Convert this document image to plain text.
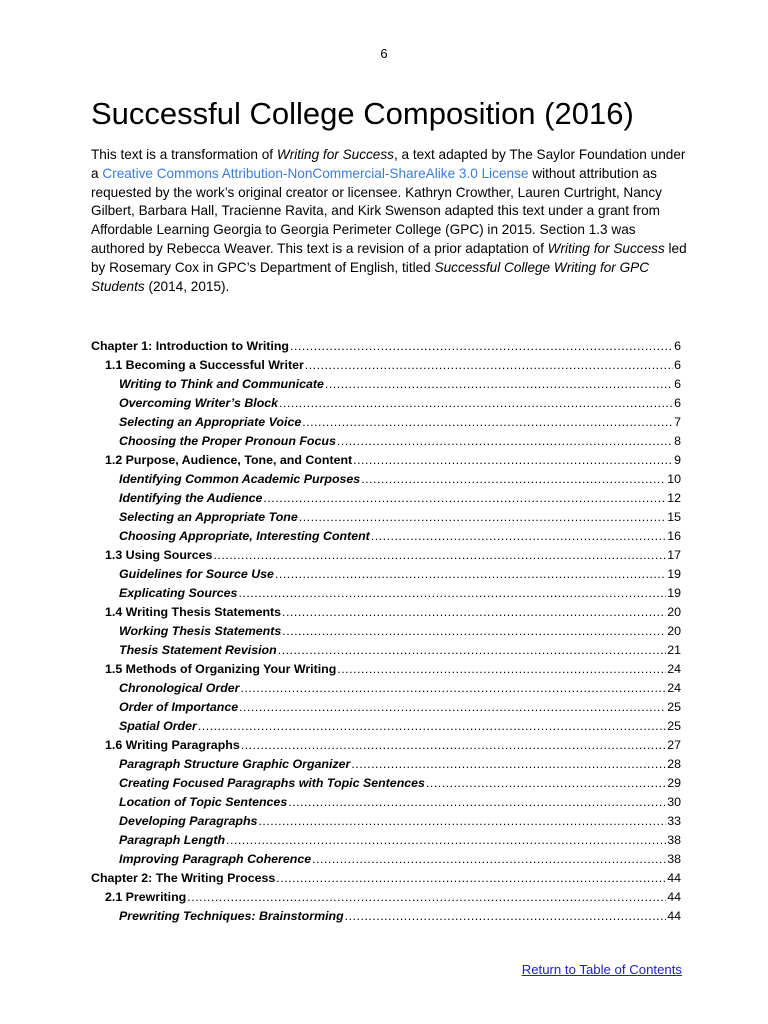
6
Successful College Composition (2016)

This text is a transformation of Writing for Success, a text adapted by The Saylor Foundation under a Creative Commons Attribution-NonCommercial-ShareAlike 3.0 License without attribution as requested by the work’s original creator or licensee. Kathryn Crowther, Lauren Curtright, Nancy Gilbert, Barbara Hall, Tracienne Ravita, and Kirk Swenson adapted this text under a grant from Affordable Learning Georgia to Georgia Perimeter College (GPC) in 2015. Section 1.3 was authored by Rebecca Weaver. This text is a revision of a prior adaptation of Writing for Success led by Rosemary Cox in GPC’s Department of English, titled Successful College Writing for GPC Students (2014, 2015).

Chapter 1: Introduction to Writing .....	6
1.1 Becoming a Successful Writer .....	6
Writing to Think and Communicate .....	6
Overcoming Writer’s Block .....	6
Selecting an Appropriate Voice .....	7
Choosing the Proper Pronoun Focus .....	8
1.2 Purpose, Audience, Tone, and Content .....	9
Identifying Common Academic Purposes .....	10
Identifying the Audience .....	12
Selecting an Appropriate Tone .....	15
Choosing Appropriate, Interesting Content .....	16
1.3 Using Sources .....	17
Guidelines for Source Use .....	19
Explicating Sources .....	19
1.4 Writing Thesis Statements .....	20
Working Thesis Statements .....	20
Thesis Statement Revision .....	21
1.5 Methods of Organizing Your Writing .....	24
Chronological Order .....	24
Order of Importance .....	25
Spatial Order .....	25
1.6 Writing Paragraphs .....	27
Paragraph Structure Graphic Organizer .....	28
Creating Focused Paragraphs with Topic Sentences .....	29
Location of Topic Sentences .....	30
Developing Paragraphs .....	33
Paragraph Length .....	38
Improving Paragraph Coherence .....	38
Chapter 2: The Writing Process .....	44
2.1 Prewriting .....	44
Prewriting Techniques: Brainstorming .....	44
Return to Table of Contents
